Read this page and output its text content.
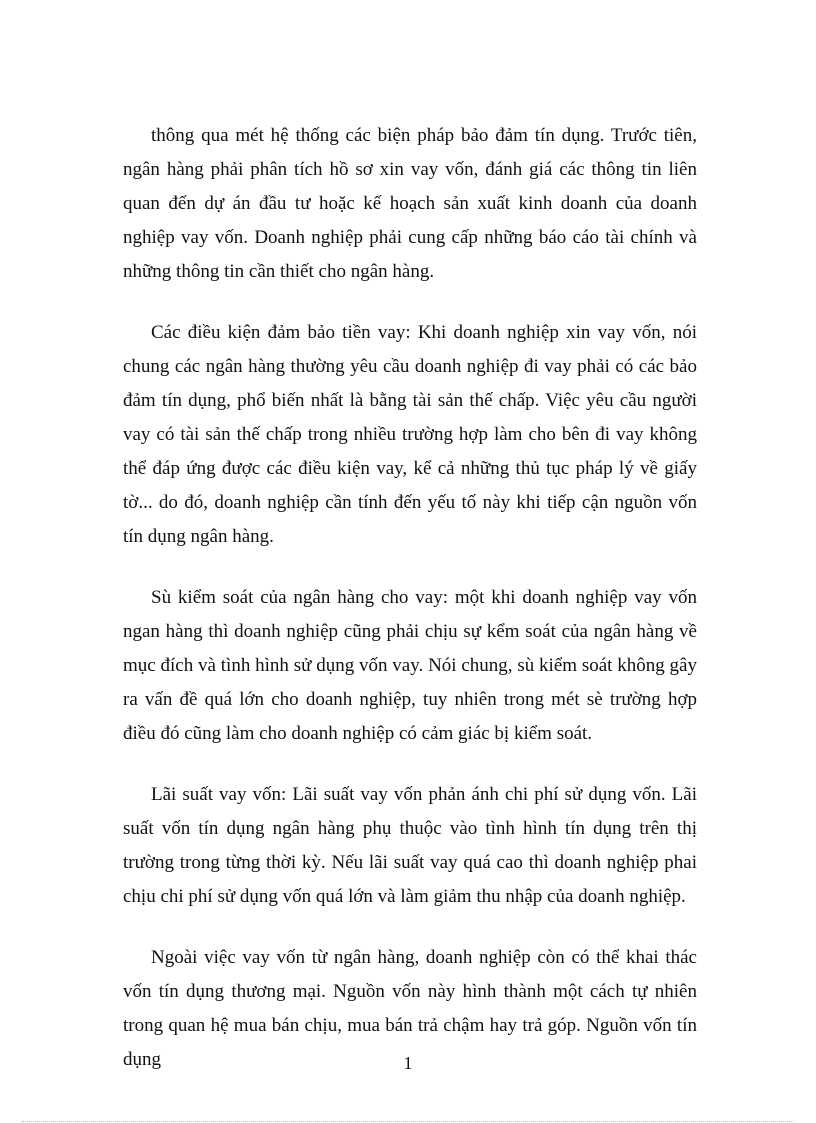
thông qua mét hệ thống các biện pháp bảo đảm tín dụng. Trước tiên, ngân hàng phải phân tích hồ sơ xin vay vốn, đánh giá các thông tin liên quan đến dự án đầu tư hoặc kế hoạch sản xuất kinh doanh của doanh nghiệp vay vốn. Doanh nghiệp phải cung cấp những báo cáo tài chính và những thông tin cần thiết cho ngân hàng.

Các điều kiện đảm bảo tiền vay: Khi doanh nghiệp xin vay vốn, nói chung các ngân hàng thường yêu cầu doanh nghiệp đi vay phải có các bảo đảm tín dụng, phổ biến nhất là bằng tài sản thế chấp. Việc yêu cầu người vay có tài sản thế chấp trong nhiều trường hợp làm cho bên đi vay không thể đáp ứng được các điều kiện vay, kể cả những thủ tục pháp lý về giấy tờ... do đó, doanh nghiệp cần tính đến yếu tố này khi tiếp cận nguồn vốn tín dụng ngân hàng.

Sù kiểm soát của ngân hàng cho vay: một khi doanh nghiệp vay vốn ngan hàng thì doanh nghiệp cũng phải chịu sự kểm soát của ngân hàng về mục đích và tình hình sử dụng vốn vay. Nói chung, sù kiểm soát không gây ra vấn đề quá lớn cho doanh nghiệp, tuy nhiên trong mét sè trường hợp điều đó cũng làm cho doanh nghiệp có cảm giác bị kiểm soát.

Lãi suất vay vốn: Lãi suất vay vốn phản ánh chi phí sử dụng vốn. Lãi suất vốn tín dụng ngân hàng phụ thuộc vào tình hình tín dụng trên thị trường trong từng thời kỳ. Nếu lãi suất vay quá cao thì doanh nghiệp phai chịu chi phí sử dụng vốn quá lớn và làm giảm thu nhập của doanh nghiệp.

Ngoài việc vay vốn từ ngân hàng, doanh nghiệp còn có thể khai thác vốn tín dụng thương mại. Nguồn vốn này hình thành một cách tự nhiên trong quan hệ mua bán chịu, mua bán trả chậm hay trả góp. Nguồn vốn tín dụng	1
